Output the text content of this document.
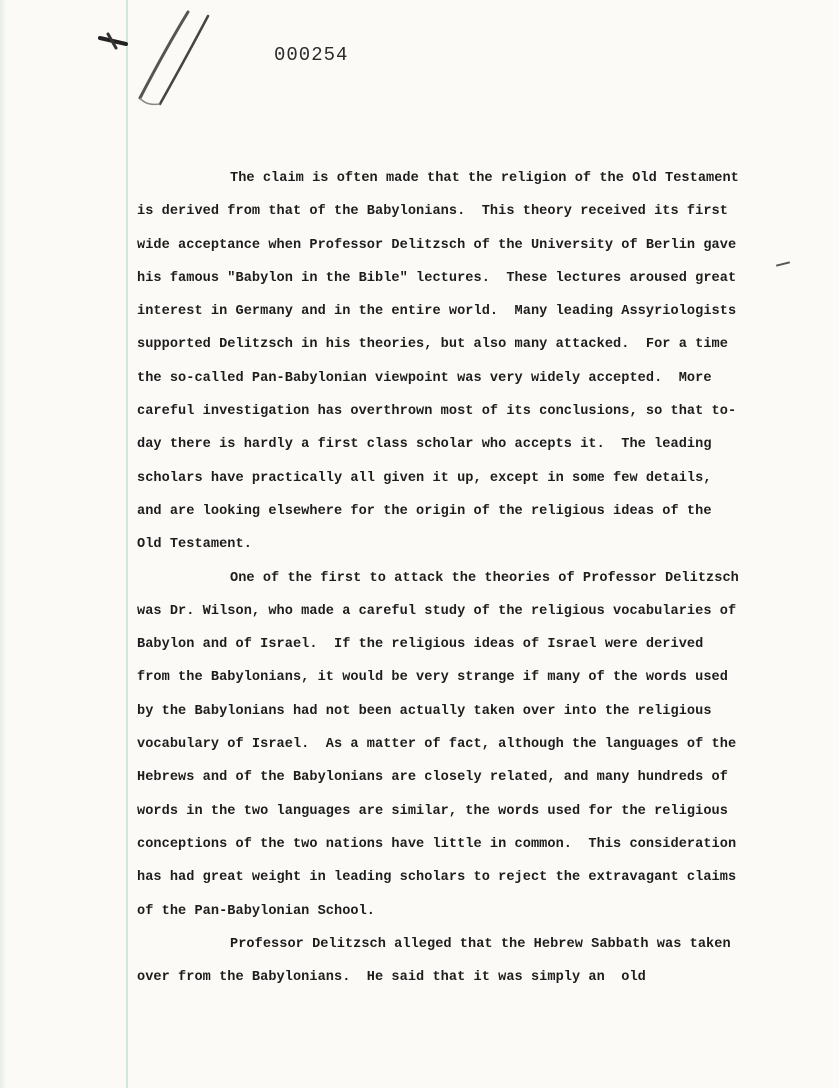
000254
The claim is often made that the religion of the Old Testament
is derived from that of the Babylonians.  This theory received its first
wide acceptance when Professor Delitzsch of the University of Berlin gave
his famous "Babylon in the Bible" lectures.  These lectures aroused great
interest in Germany and in the entire world.  Many leading Assyriologists
supported Delitzsch in his theories, but also many attacked.  For a time
the so-called Pan-Babylonian viewpoint was very widely accepted.  More
careful investigation has overthrown most of its conclusions, so that to-
day there is hardly a first class scholar who accepts it.  The leading
scholars have practically all given it up, except in some few details,
and are looking elsewhere for the origin of the religious ideas of the
Old Testament.
One of the first to attack the theories of Professor Delitzsch
was Dr. Wilson, who made a careful study of the religious vocabularies of
Babylon and of Israel.  If the religious ideas of Israel were derived
from the Babylonians, it would be very strange if many of the words used
by the Babylonians had not been actually taken over into the religious
vocabulary of Israel.  As a matter of fact, although the languages of the
Hebrews and of the Babylonians are closely related, and many hundreds of
words in the two languages are similar, the words used for the religious
conceptions of the two nations have little in common.  This consideration
has had great weight in leading scholars to reject the extravagant claims
of the Pan-Babylonian School.
Professor Delitzsch alleged that the Hebrew Sabbath was taken
over from the Babylonians.  He said that it was simply an  old
